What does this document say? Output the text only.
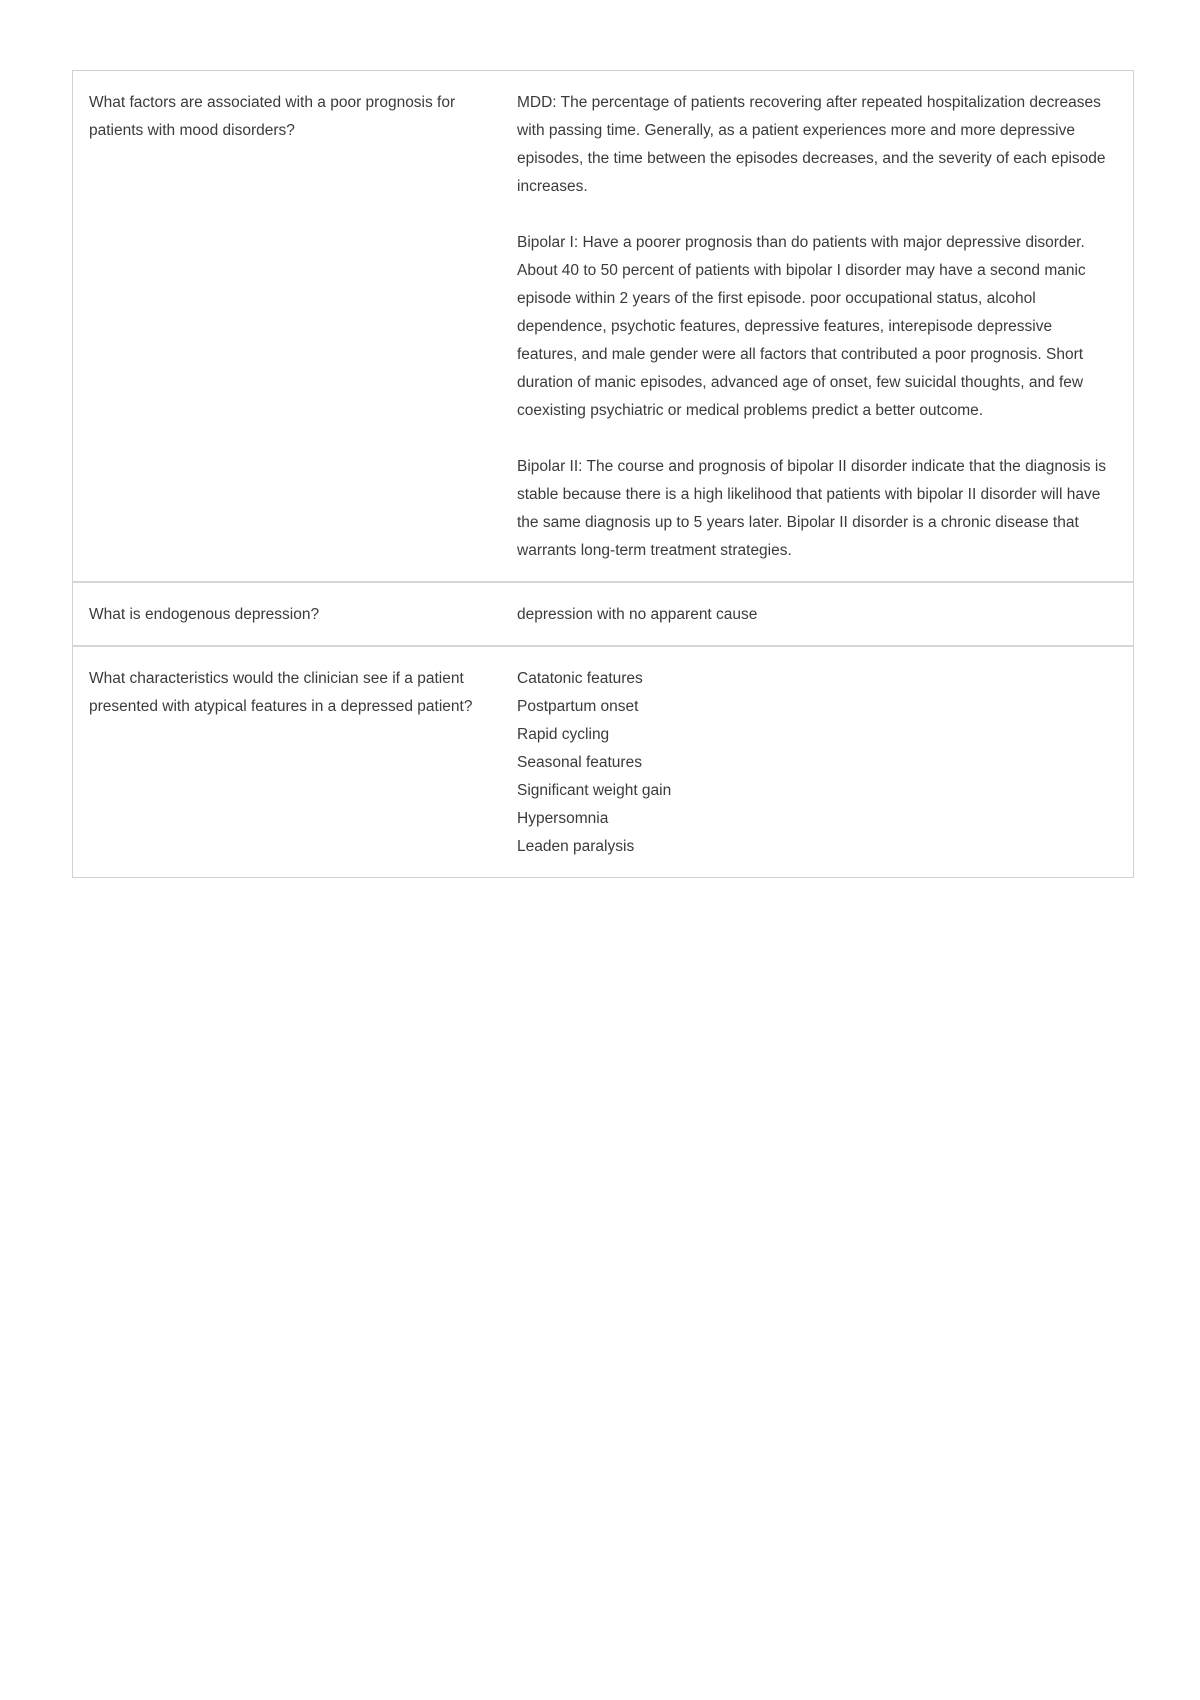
What factors are associated with a poor prognosis for patients with mood disorders?
MDD: The percentage of patients recovering after repeated hospitalization decreases with passing time. Generally, as a patient experiences more and more depressive episodes, the time between the episodes decreases, and the severity of each episode increases.
Bipolar I: Have a poorer prognosis than do patients with major depressive disorder. About 40 to 50 percent of patients with bipolar I disorder may have a second manic episode within 2 years of the first episode. poor occupational status, alcohol dependence, psychotic features, depressive features, interepisode depressive features, and male gender were all factors that contributed a poor prognosis. Short duration of manic episodes, advanced age of onset, few suicidal thoughts, and few coexisting psychiatric or medical problems predict a better outcome.
Bipolar II: The course and prognosis of bipolar II disorder indicate that the diagnosis is stable because there is a high likelihood that patients with bipolar II disorder will have the same diagnosis up to 5 years later. Bipolar II disorder is a chronic disease that warrants long-term treatment strategies.
What is endogenous depression?	depression with no apparent cause
What characteristics would the clinician see if a patient presented with atypical features in a depressed patient?
Catatonic features
Postpartum onset
Rapid cycling
Seasonal features
Significant weight gain
Hypersomnia
Leaden paralysis
